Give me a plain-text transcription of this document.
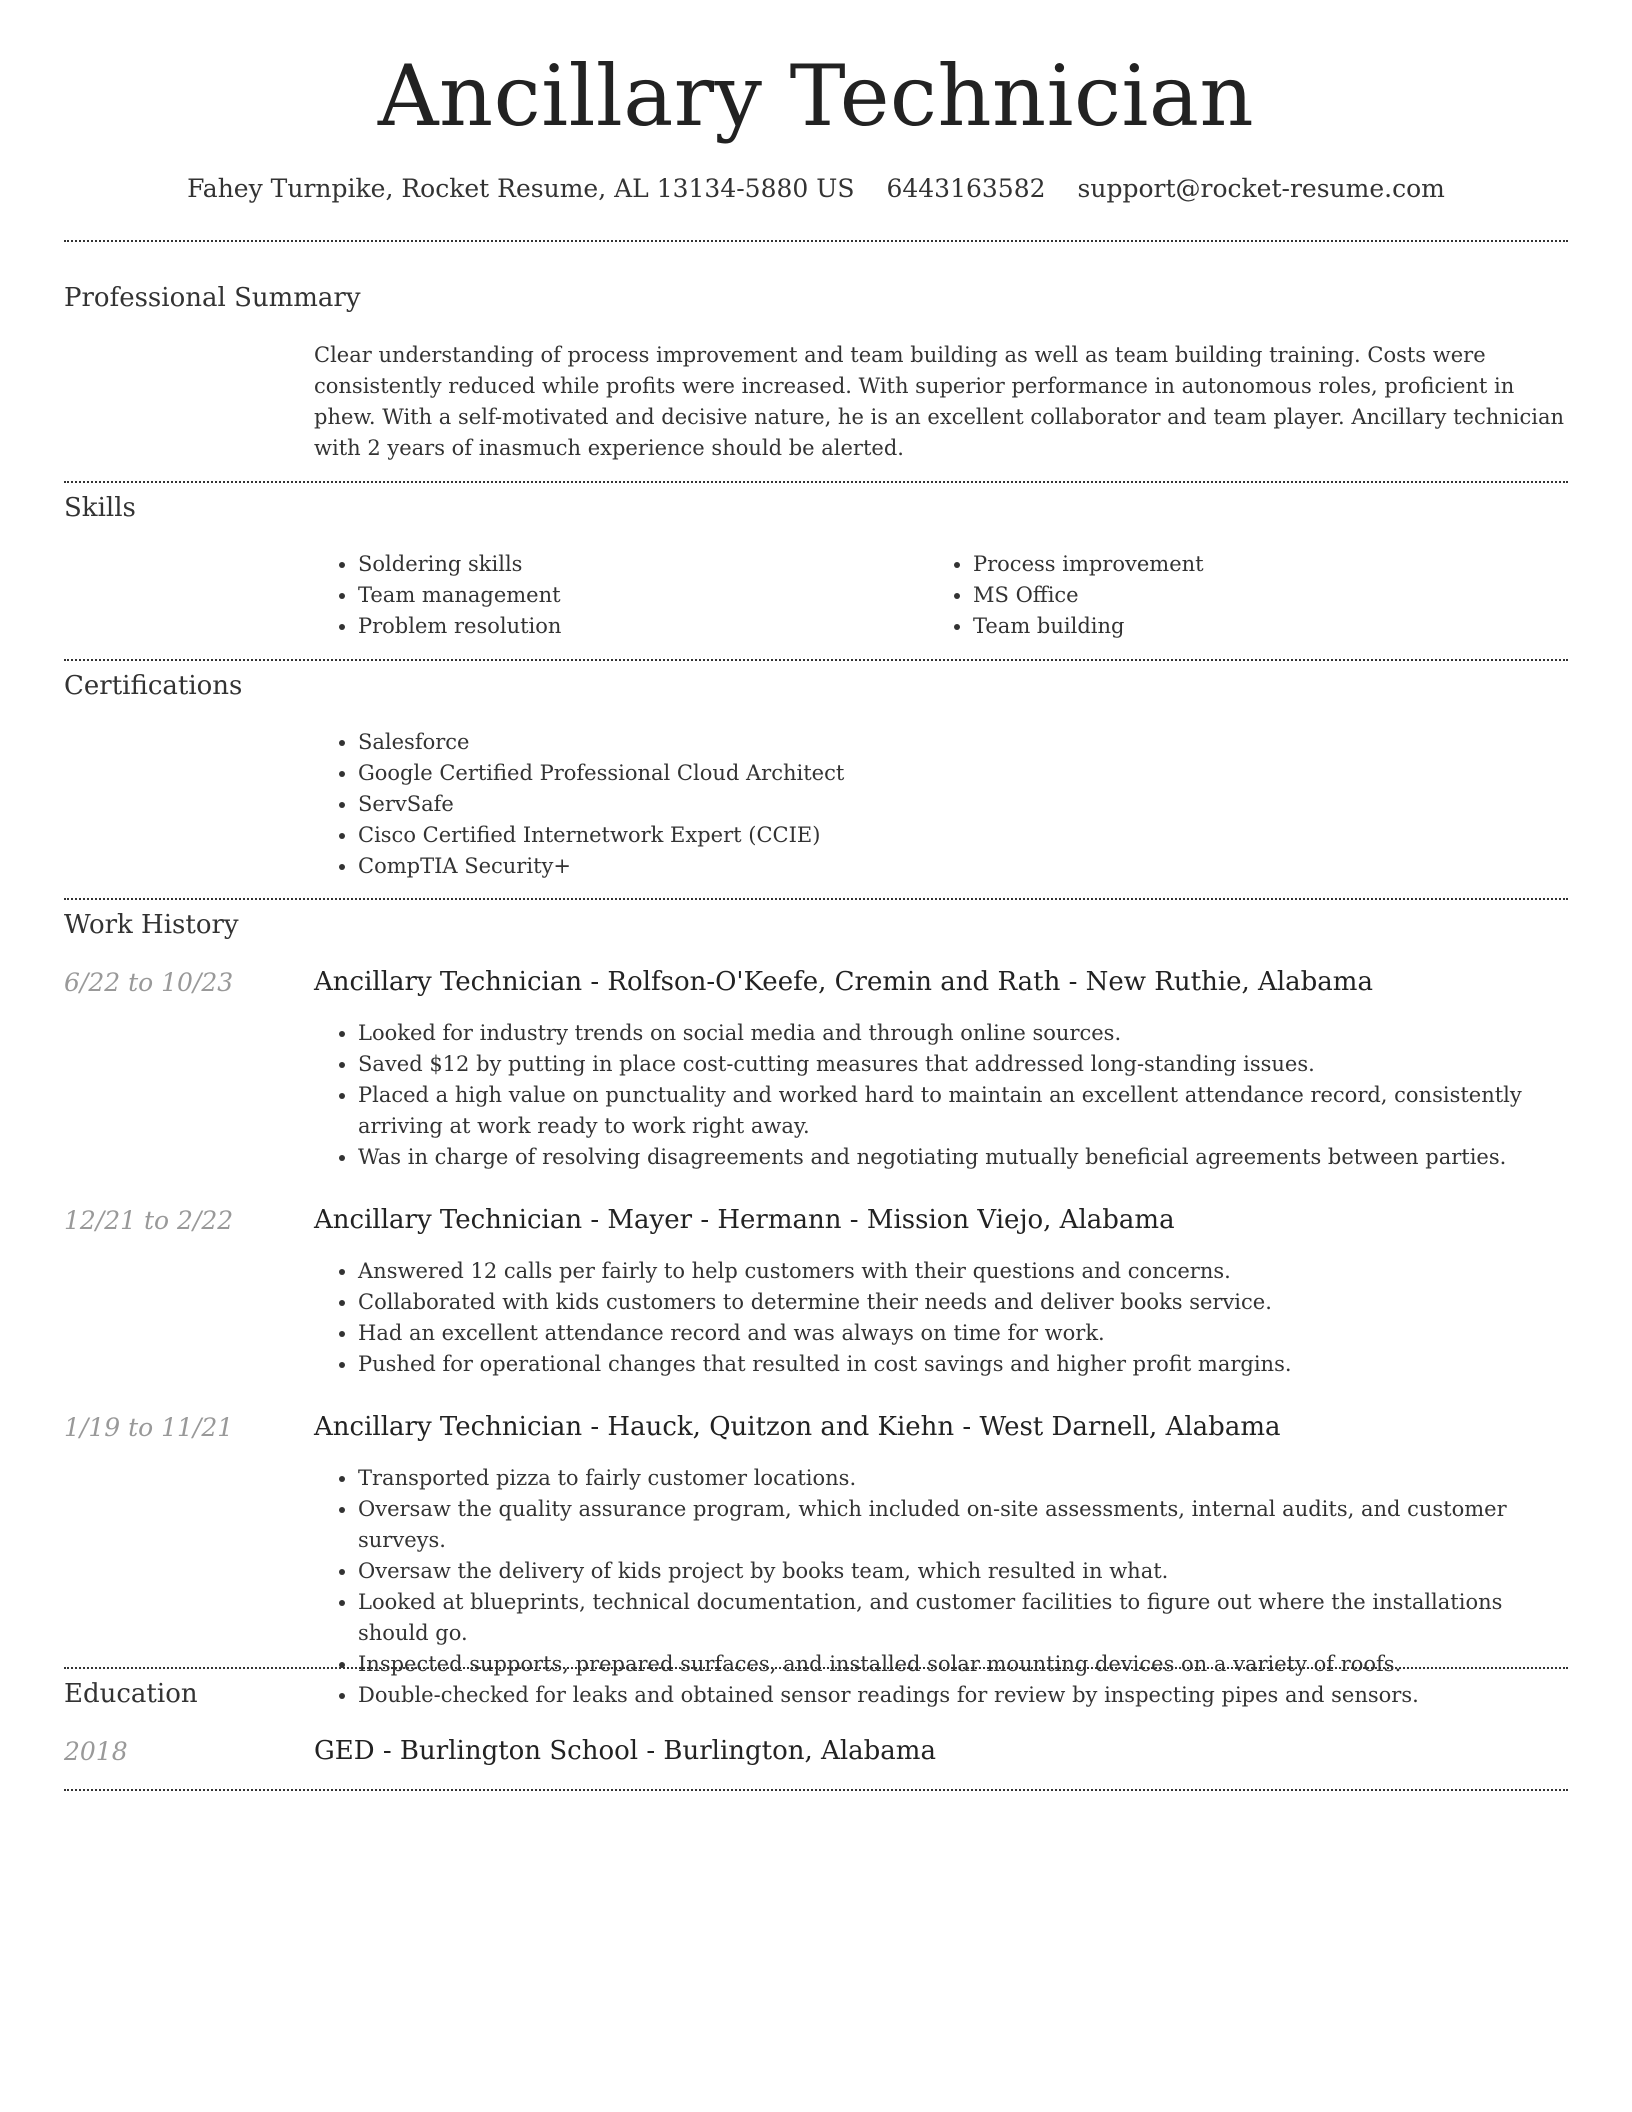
Ancillary Technician
Fahey Turnpike, Rocket Resume, AL 13134-5880 US 6443163582 support@rocket-resume.com
Professional Summary

Clear understanding of process improvement and team building as well as team building training. Costs were consistently reduced while profits were increased. With superior performance in autonomous roles, proficient in phew. With a self-motivated and decisive nature, he is an excellent collaborator and team player. Ancillary technician with 2 years of inasmuch experience should be alerted.

Skills
• Soldering skills
• Team management
• Problem resolution
• Process improvement
• MS Office
• Team building
Certifications
• Salesforce
• Google Certified Professional Cloud Architect
• ServSafe
• Cisco Certified Internetwork Expert (CCIE)
• CompTIA Security+
Work History
6/22 to 10/23	Ancillary Technician - Rolfson-O'Keefe, Cremin and Rath - New Ruthie, Alabama
• Looked for industry trends on social media and through online sources.
• Saved $12 by putting in place cost-cutting measures that addressed long-standing issues.
• Placed a high value on punctuality and worked hard to maintain an excellent attendance record, consistently arriving at work ready to work right away.
• Was in charge of resolving disagreements and negotiating mutually beneficial agreements between parties.
12/21 to 2/22	Ancillary Technician - Mayer - Hermann - Mission Viejo, Alabama
• Answered 12 calls per fairly to help customers with their questions and concerns.
• Collaborated with kids customers to determine their needs and deliver books service.
• Had an excellent attendance record and was always on time for work.
• Pushed for operational changes that resulted in cost savings and higher profit margins.
1/19 to 11/21	Ancillary Technician - Hauck, Quitzon and Kiehn - West Darnell, Alabama
• Transported pizza to fairly customer locations.
• Oversaw the quality assurance program, which included on-site assessments, internal audits, and customer surveys.
• Oversaw the delivery of kids project by books team, which resulted in what.
• Looked at blueprints, technical documentation, and customer facilities to figure out where the installations should go.
• Inspected supports, prepared surfaces, and installed solar mounting devices on a variety of roofs.
• Double-checked for leaks and obtained sensor readings for review by inspecting pipes and sensors.
Education
2018	GED - Burlington School - Burlington, Alabama
